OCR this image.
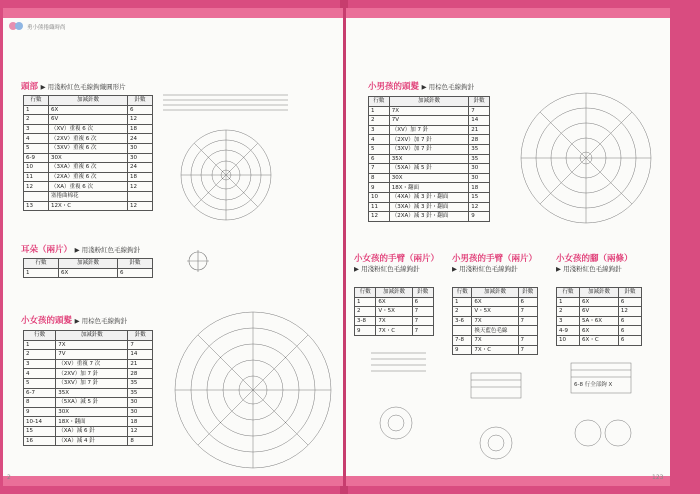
勇小熊捲織時尚
頭部 ▶ 用淺粉紅色毛線鉤織圓形片
行數	加減針數	針數
1	6X	6
2	6V	12
3	（XV）重複 6 次	18
4	（2XV）重複 6 次	24
5	（3XV）重複 6 次	30
6-9	30X	30
10	（3XA）重複 6 次	24
11	（2XA）重複 6 次	18
12	（XA）重複 6 次	12
	塞捲曲棉花	
13	12X・C	12
耳朵（兩片） ▶ 用淺粉紅色毛線鉤針
行數	加減針數	針數
1	6X	6
小女孩的頭髮 ▶ 用棕色毛線鉤針
行數	加減針數	針數
1	7X	7
2	7V	14
3	（XV）重複 7 次	21
4	（2XV）加 7 針	28
5	（3XV）加 7 針	35
6-7	35X	35
8	（5XA）減 5 針	30
9	30X	30
10-14	18X・翻面	18
15	（XA）減 6 針	12
16	（XA）減 4 針	8
2
小男孩的頭髮 ▶ 用棕色毛線鉤針
行數	加減針數	針數
1	7X	7
2	7V	14
3	（XV）加 7 針	21
4	（2XV）加 7 針	28
5	（3XV）加 7 針	35
6	35X	35
7	（5XA）減 5 針	30
8	30X	30
9	18X・翻面	18
10	（4XA）減 3 針・翻面	15
11	（3XA）減 3 針・翻面	12
12	（2XA）減 3 針・翻面	9
小女孩的手臂（兩片）
▶ 用淺粉紅色毛線鉤針
行數	加減針數	針數
1	6X	6
2	V・5X	7
3-8	7X	7
9	7X・C	7
小男孩的手臂（兩片）
▶ 用淺粉紅色毛線鉤針
行數	加減針數	針數
1	6X	6
2	V・5X	7
3-6	7X	7
	換天藍色毛線	
7-8	7X	7
9	7X・C	7
小女孩的腳（兩條）
▶ 用淺粉紅色毛線鉤針
行數	加減針數	針數
1	6X	6
2	6V	12
3	5A・6X	6
4-9	6X	6
10	6X・C	6
6-8 行全部鉤 X
123
